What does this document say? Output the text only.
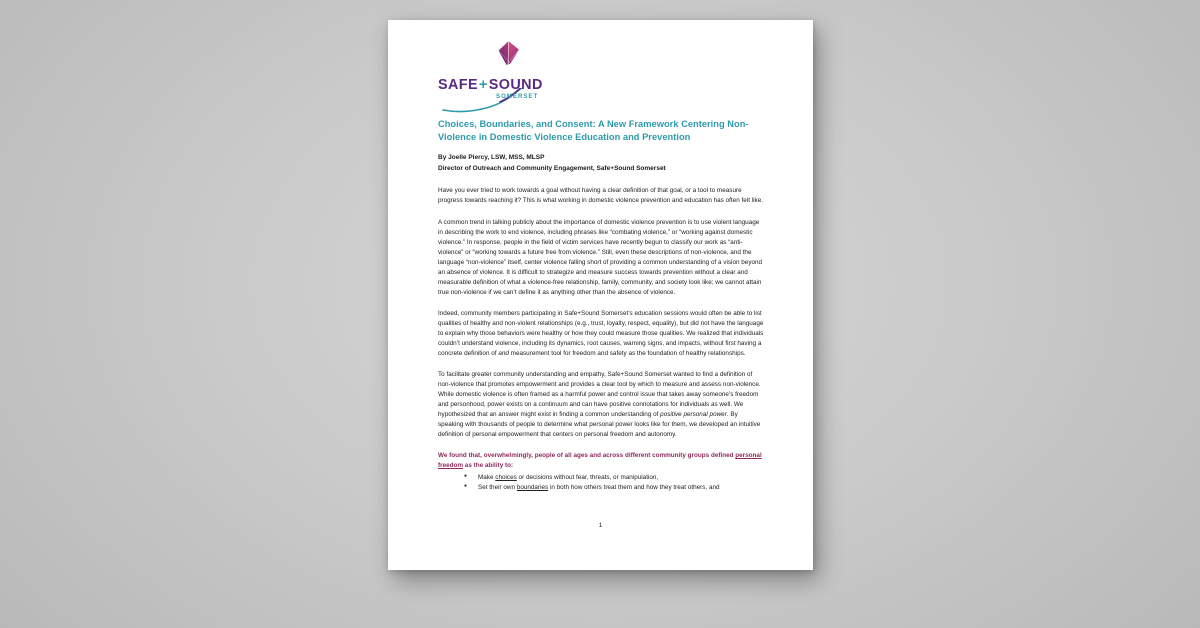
SAFE+SOUND
SOMERSET
Choices, Boundaries, and Consent: A New Framework Centering Non-Violence in Domestic Violence Education and Prevention
By Joelle Piercy, LSW, MSS, MLSP
Director of Outreach and Community Engagement, Safe+Sound Somerset

Have you ever tried to work towards a goal without having a clear definition of that goal, or a tool to measure progress towards reaching it? This is what working in domestic violence prevention and education has often felt like.

A common trend in talking publicly about the importance of domestic violence prevention is to use violent language in describing the work to end violence, including phrases like “combating violence,” or “working against domestic violence.” In response, people in the field of victim services have recently begun to classify our work as “anti-violence” or “working towards a future free from violence.” Still, even these descriptions of non-violence, and the language “non-violence” itself, center violence falling short of providing a common understanding of a vision beyond an absence of violence. It is difficult to strategize and measure success towards prevention without a clear and measurable definition of what a violence-free relationship, family, community, and society look like; we cannot attain true non-violence if we can’t define it as anything other than the absence of violence.

Indeed, community members participating in Safe+Sound Somerset’s education sessions would often be able to list qualities of healthy and non-violent relationships (e.g., trust, loyalty, respect, equality), but did not have the language to explain why those behaviors were healthy or how they could measure those qualities. We realized that individuals couldn’t understand violence, including its dynamics, root causes, warning signs, and impacts, without first having a concrete definition of and measurement tool for freedom and safety as the foundation of healthy relationships.

To facilitate greater community understanding and empathy, Safe+Sound Somerset wanted to find a definition of non-violence that promotes empowerment and provides a clear tool by which to measure and assess non-violence. While domestic violence is often framed as a harmful power and control issue that takes away someone’s freedom and personhood, power exists on a continuum and can have positive connotations for individuals as well. We hypothesized that an answer might exist in finding a common understanding of positive personal power. By speaking with thousands of people to determine what personal power looks like for them, we developed an intuitive definition of personal empowerment that centers on personal freedom and autonomy.

We found that, overwhelmingly, people of all ages and across different community groups defined personal freedom as the ability to:

● Make choices or decisions without fear, threats, or manipulation,
● Set their own boundaries in both how others treat them and how they treat others, and
1
